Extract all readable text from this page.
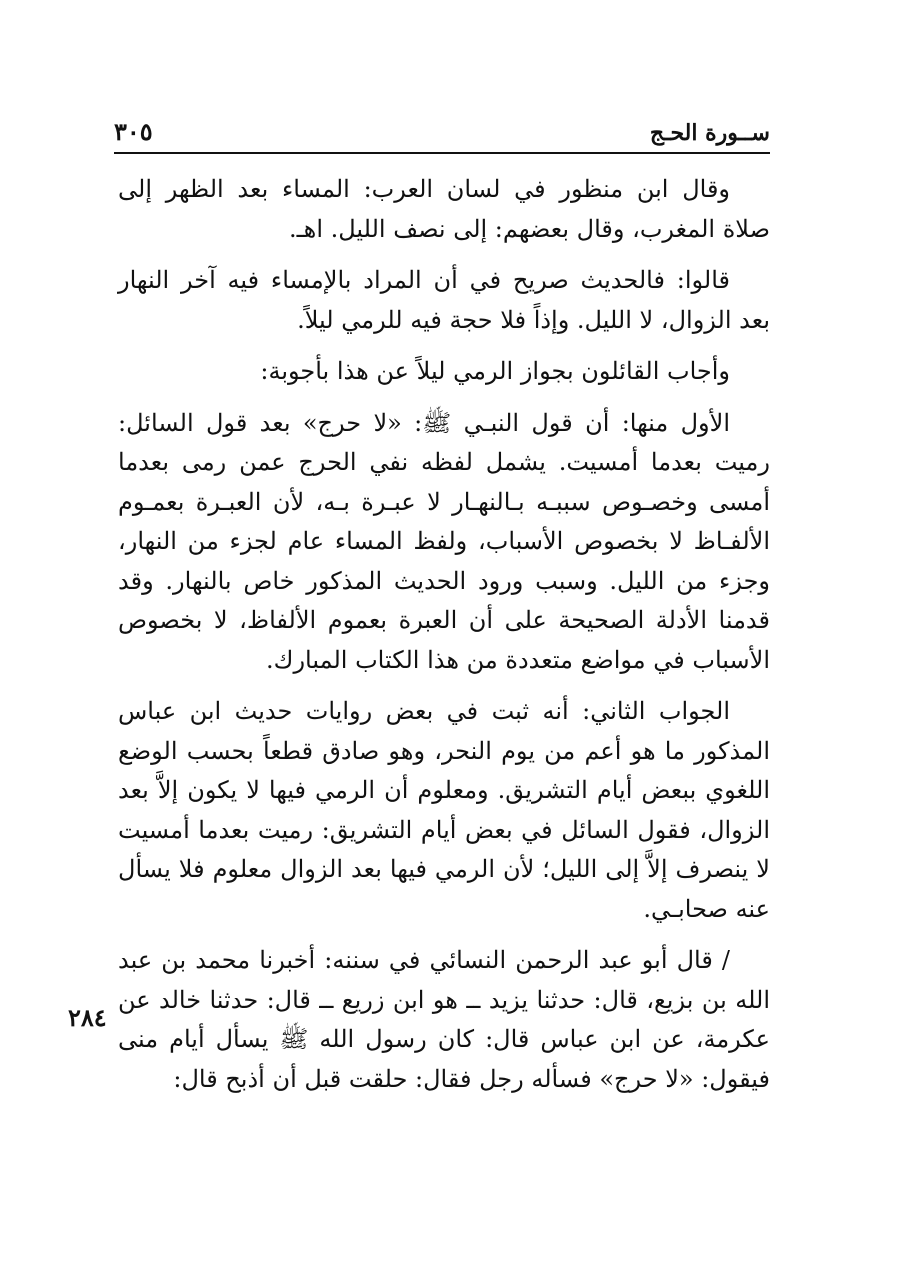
ســورة الحـج
٣٠٥

وقال ابن منظور في لسان العرب: المساء بعد الظهر إلى صلاة المغرب، وقال بعضهم: إلى نصف الليل. اهـ.

قالوا: فالحديث صريح في أن المراد بالإمساء فيه آخر النهار بعد الزوال، لا الليل. وإذاً فلا حجة فيه للرمي ليلاً.

وأجاب القائلون بجواز الرمي ليلاً عن هذا بأجوبة:

الأول منها: أن قول النبـي ﷺ: «لا حرج» بعد قول السائل: رميت بعدما أمسيت. يشمل لفظه نفي الحرج عمن رمى بعدما أمسى وخصـوص سببـه بـالنهـار لا عبـرة بـه، لأن العبـرة بعمـوم الألفـاظ لا بخصوص الأسباب، ولفظ المساء عام لجزء من النهار، وجزء من الليل. وسبب ورود الحديث المذكور خاص بالنهار. وقد قدمنا الأدلة الصحيحة على أن العبرة بعموم الألفاظ، لا بخصوص الأسباب في مواضع متعددة من هذا الكتاب المبارك.

الجواب الثاني: أنه ثبت في بعض روايات حديث ابن عباس المذكور ما هو أعم من يوم النحر، وهو صادق قطعاً بحسب الوضع اللغوي ببعض أيام التشريق. ومعلوم أن الرمي فيها لا يكون إلاَّ بعد الزوال، فقول السائل في بعض أيام التشريق: رميت بعدما أمسيت لا ينصرف إلاَّ إلى الليل؛ لأن الرمي فيها بعد الزوال معلوم فلا يسأل عنه صحابـي.

/ قال أبو عبد الرحمن النسائي في سننه: أخبرنا محمد بن عبد الله بن بزيع، قال: حدثنا يزيد ــ هو ابن زريع ــ قال: حدثنا خالد عن عكرمة، عن ابن عباس قال: كان رسول الله ﷺ يسأل أيام منى فيقول: «لا حرج» فسأله رجل فقال: حلقت قبل أن أذبح قال:

٢٨٤
